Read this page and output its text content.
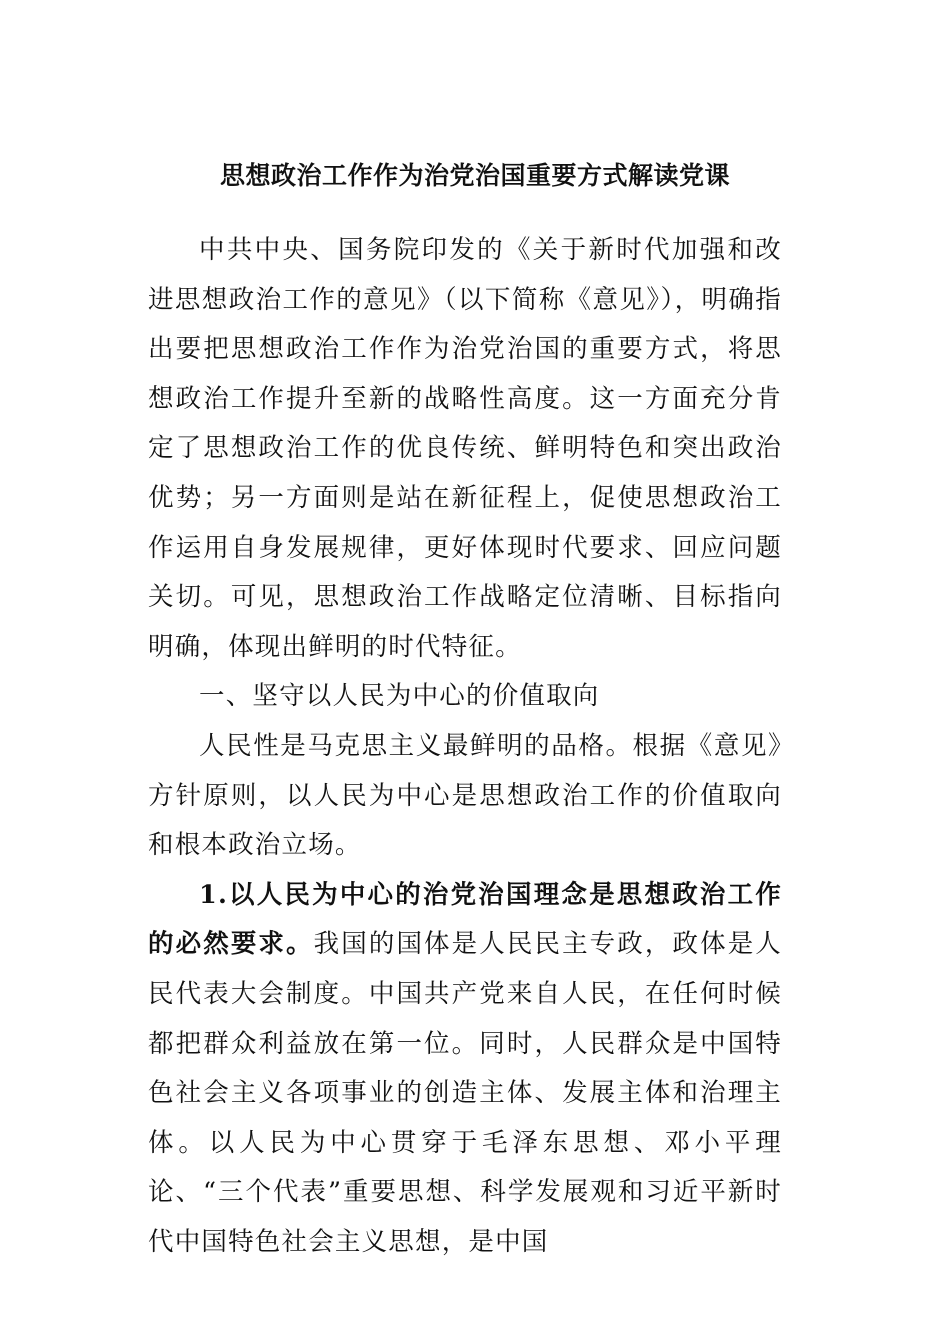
思想政治工作作为治党治国重要方式解读党课

中共中央、国务院印发的《关于新时代加强和改进思想政治工作的意见》（以下简称《意见》），明确指出要把思想政治工作作为治党治国的重要方式，将思想政治工作提升至新的战略性高度。这一方面充分肯定了思想政治工作的优良传统、鲜明特色和突出政治优势；另一方面则是站在新征程上，促使思想政治工作运用自身发展规律，更好体现时代要求、回应问题关切。可见，思想政治工作战略定位清晰、目标指向明确，体现出鲜明的时代特征。

一、坚守以人民为中心的价值取向

人民性是马克思主义最鲜明的品格。根据《意见》方针原则，以人民为中心是思想政治工作的价值取向和根本政治立场。

1.以人民为中心的治党治国理念是思想政治工作的必然要求。我国的国体是人民民主专政，政体是人民代表大会制度。中国共产党来自人民，在任何时候都把群众利益放在第一位。同时，人民群众是中国特色社会主义各项事业的创造主体、发展主体和治理主体。以人民为中心贯穿于毛泽东思想、邓小平理论、“三个代表”重要思想、科学发展观和习近平新时代中国特色社会主义思想，是中国
